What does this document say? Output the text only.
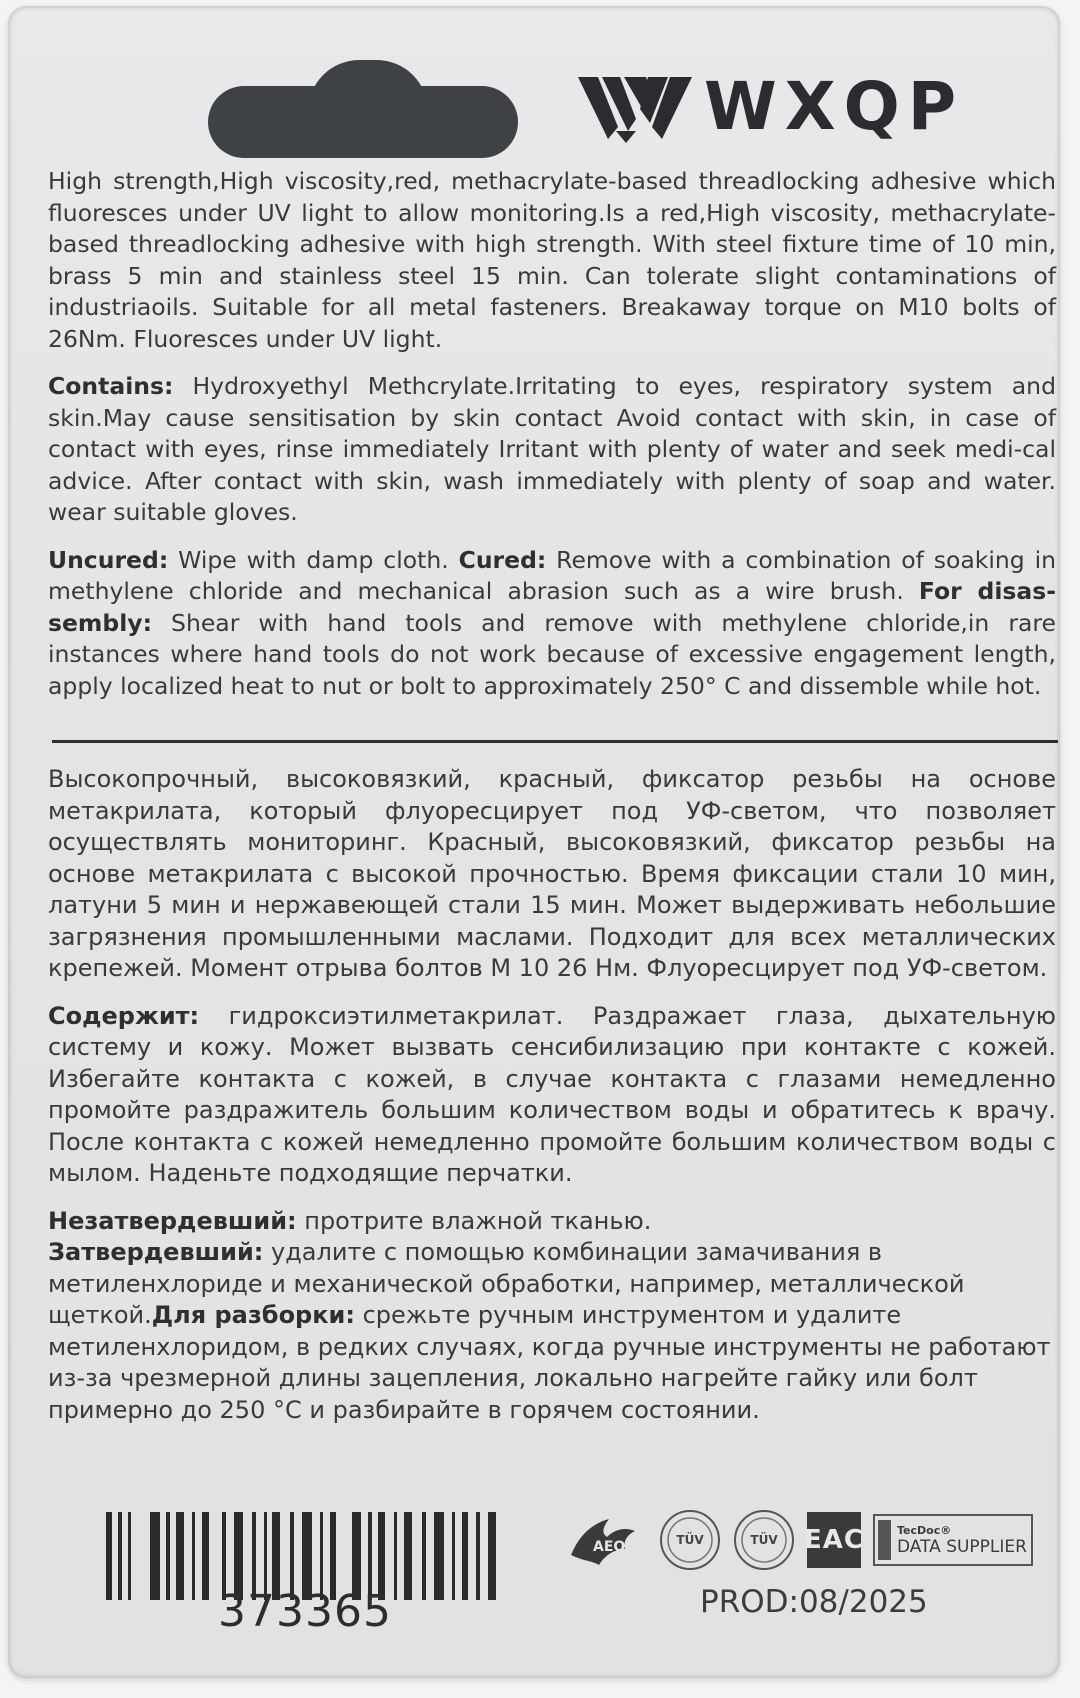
WXQP

High strength,High viscosity,red, methacrylate-based threadlocking adhesive which fluoresces under UV light to allow monitoring.Is a red,High viscosity, methacrylate-based threadlocking adhesive with high strength. With steel fixture time of 10 min, brass 5 min and stainless steel 15 min. Can tolerate slight contaminations of industriaoils. Suitable for all metal fasteners. Breakaway torque on M10 bolts of 26Nm. Fluoresces under UV light.

Contains: Hydroxyethyl Methcrylate.Irritating to eyes, respiratory system and skin.May cause sensitisation by skin contact Avoid contact with skin, in case of contact with eyes, rinse immediately Irritant with plenty of water and seek medi-cal advice. After contact with skin, wash immediately with plenty of soap and water. wear suitable gloves.

Uncured: Wipe with damp cloth. Cured: Remove with a combination of soaking in methylene chloride and mechanical abrasion such as a wire brush. For disas-sembly: Shear with hand tools and remove with methylene chloride,in rare instances where hand tools do not work because of excessive engagement length, apply localized heat to nut or bolt to approximately 250° C and dissemble while hot.

Высокопрочный, высоковязкий, красный, фиксатор резьбы на основе метакрилата, который флуоресцирует под УФ-светом, что позволяет осуществлять мониторинг. Красный, высоковязкий, фиксатор резьбы на основе метакрилата с высокой прочностью. Время фиксации стали 10 мин, латуни 5 мин и нержавеющей стали 15 мин. Может выдерживать небольшие загрязнения промышленными маслами. Подходит для всех металлических крепежей. Момент отрыва болтов М 10 26 Нм. Флуоресцирует под УФ-светом.

Содержит: гидроксиэтилметакрилат. Раздражает глаза, дыхательную систему и кожу. Может вызвать сенсибилизацию при контакте с кожей. Избегайте контакта с кожей, в случае контакта с глазами немедленно промойте раздражитель большим количеством воды и обратитесь к врачу. После контакта с кожей немедленно промойте большим количеством воды с мылом. Наденьте подходящие перчатки.

Незатвердевший: протрите влажной тканью.
Затвердевший: удалите с помощью комбинации замачивания в метиленхлориде и механической обработки, например, металлической щеткой.Для разборки: срежьте ручным инструментом и удалите метиленхлоридом, в редких случаях, когда ручные инструменты не работают из-за чрезмерной длины зацепления, локально нагрейте гайку или болт примерно до 250 °С и разбирайте в горячем состоянии.

373365
AEO	TÜV	TÜV EAC	TecDoc®
DATA SUPPLIER
PROD:08/2025
